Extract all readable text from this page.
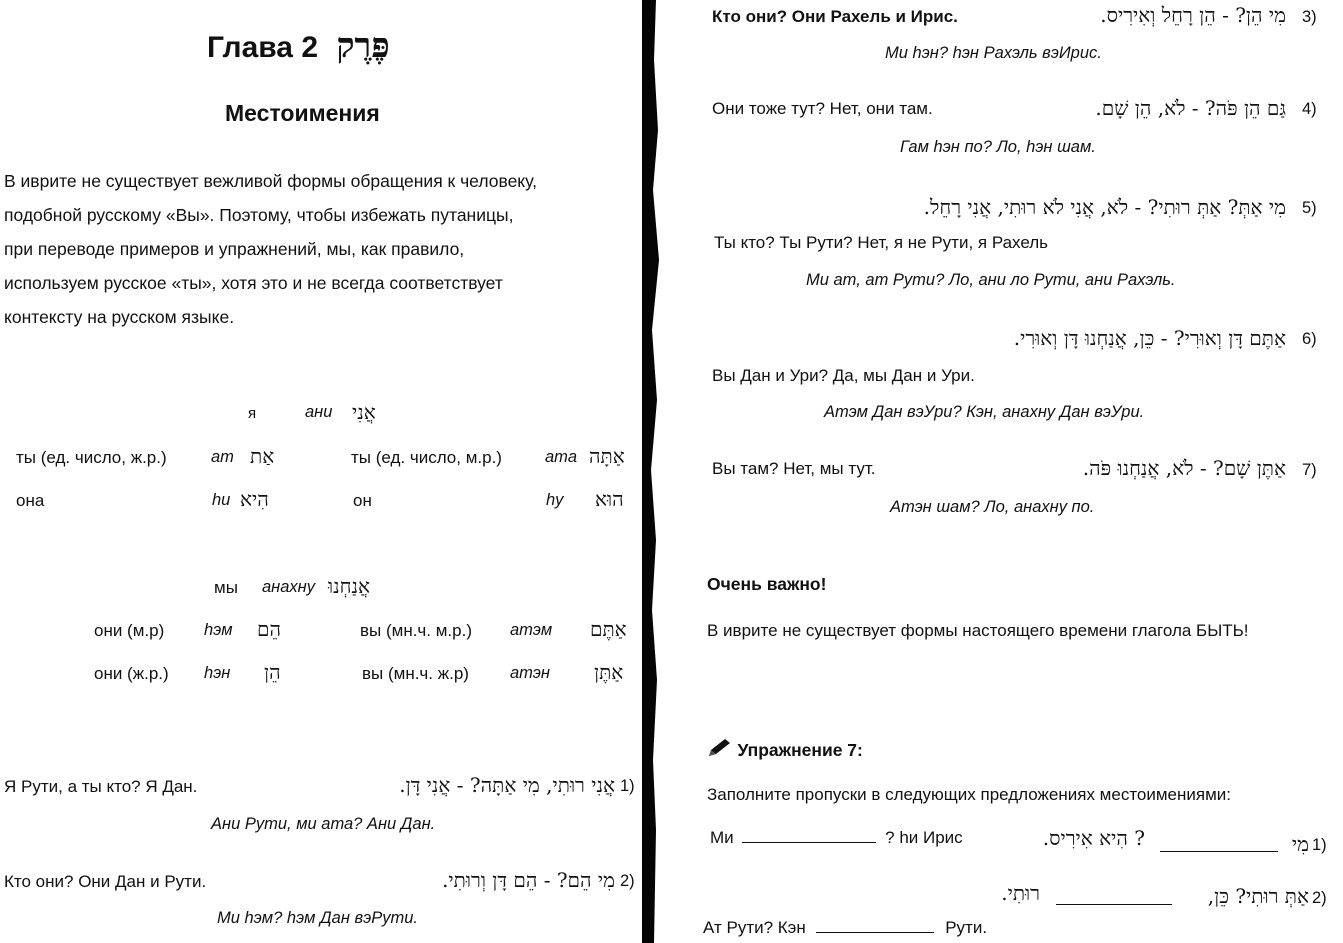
Глава 2 פֶּרֶק
Местоимения
В иврите не существует вежливой формы обращения к человеку,
подобной русскому «Вы». Поэтому, чтобы избежать путаницы,
при переводе примеров и упражнений, мы, как правило,
используем русское «ты», хотя это и не всегда соответствует
контексту на русском языке.
я	ани אֲנִי
ты (ед. число, ж.р.)	am אַת	ты (ед. число, м.р.)	ama אַתָּה
она	hu הִיא	он	hy הוּא
мы анахну אֲנַחְנוּ
они (м.р) hэм הֵם	вы (мн.ч. м.р.) атэм אַתֶּם
они (ж.р.) hэн הֵן	вы (мн.ч. ж.р) атэн אַתֶּן
Я Рути, а ты кто? Я Дан.	אֲנִי רוּתִי, מִי אַתָּה? - אֲנִי דָּן. 1)
Ани Рути, ми ата? Ани Дан.
Кто они? Они Дан и Рути.	מִי הֵם? - הֵם דָּן וְרוּתִי. 2)
Ми hэм? hэм Дан вэРути.
Кто они? Они Рахель и Ирис.	מִי הֵן? - הֵן רָחֵל וְאִירִיס. 3)
Ми hэн? hэн Рахэль вэИрис.
Они тоже тут? Нет, они там.	גַּם הֵן פֹּה? - לֹא, הֵן שָׁם. 4)
Гам hэн по? Ло, hэн шам.
מִי אַתְּ? אַתְּ רוּתִי? - לֹא, אֲנִי לֹא רוּתִי, אֲנִי רָחֵל. 5)
Ты кто? Ты Рути? Нет, я не Рути, я Рахель
Ми ат, ат Рути? Ло, ани ло Рути, ани Рахэль.
אַתֶּם דָּן וְאוּרִי? - כֵּן, אֲנַחְנוּ דָּן וְאוּרִי. 6)
Вы Дан и Ури? Да, мы Дан и Ури.
Атэм Дан вэУри? Кэн, анахну Дан вэУри.
Вы там? Нет, мы тут.	אַתֶּן שָׁם? - לֹא, אֲנַחְנוּ פֹּה. 7)
Атэн шам? Ло, анахну по.
Очень важно!
В иврите не существует формы настоящего времени глагола БЫТЬ!
Упражнение 7:
Заполните пропуски в следующих предложениях местоимениями:
Ми	? hи Ирис	? הִיא אִירִיס.	מִי 1)
רוּתִי.	אַתְּ רוּתִי? כֵּן, 2)
Ат Рути? Кэн	Рути.
